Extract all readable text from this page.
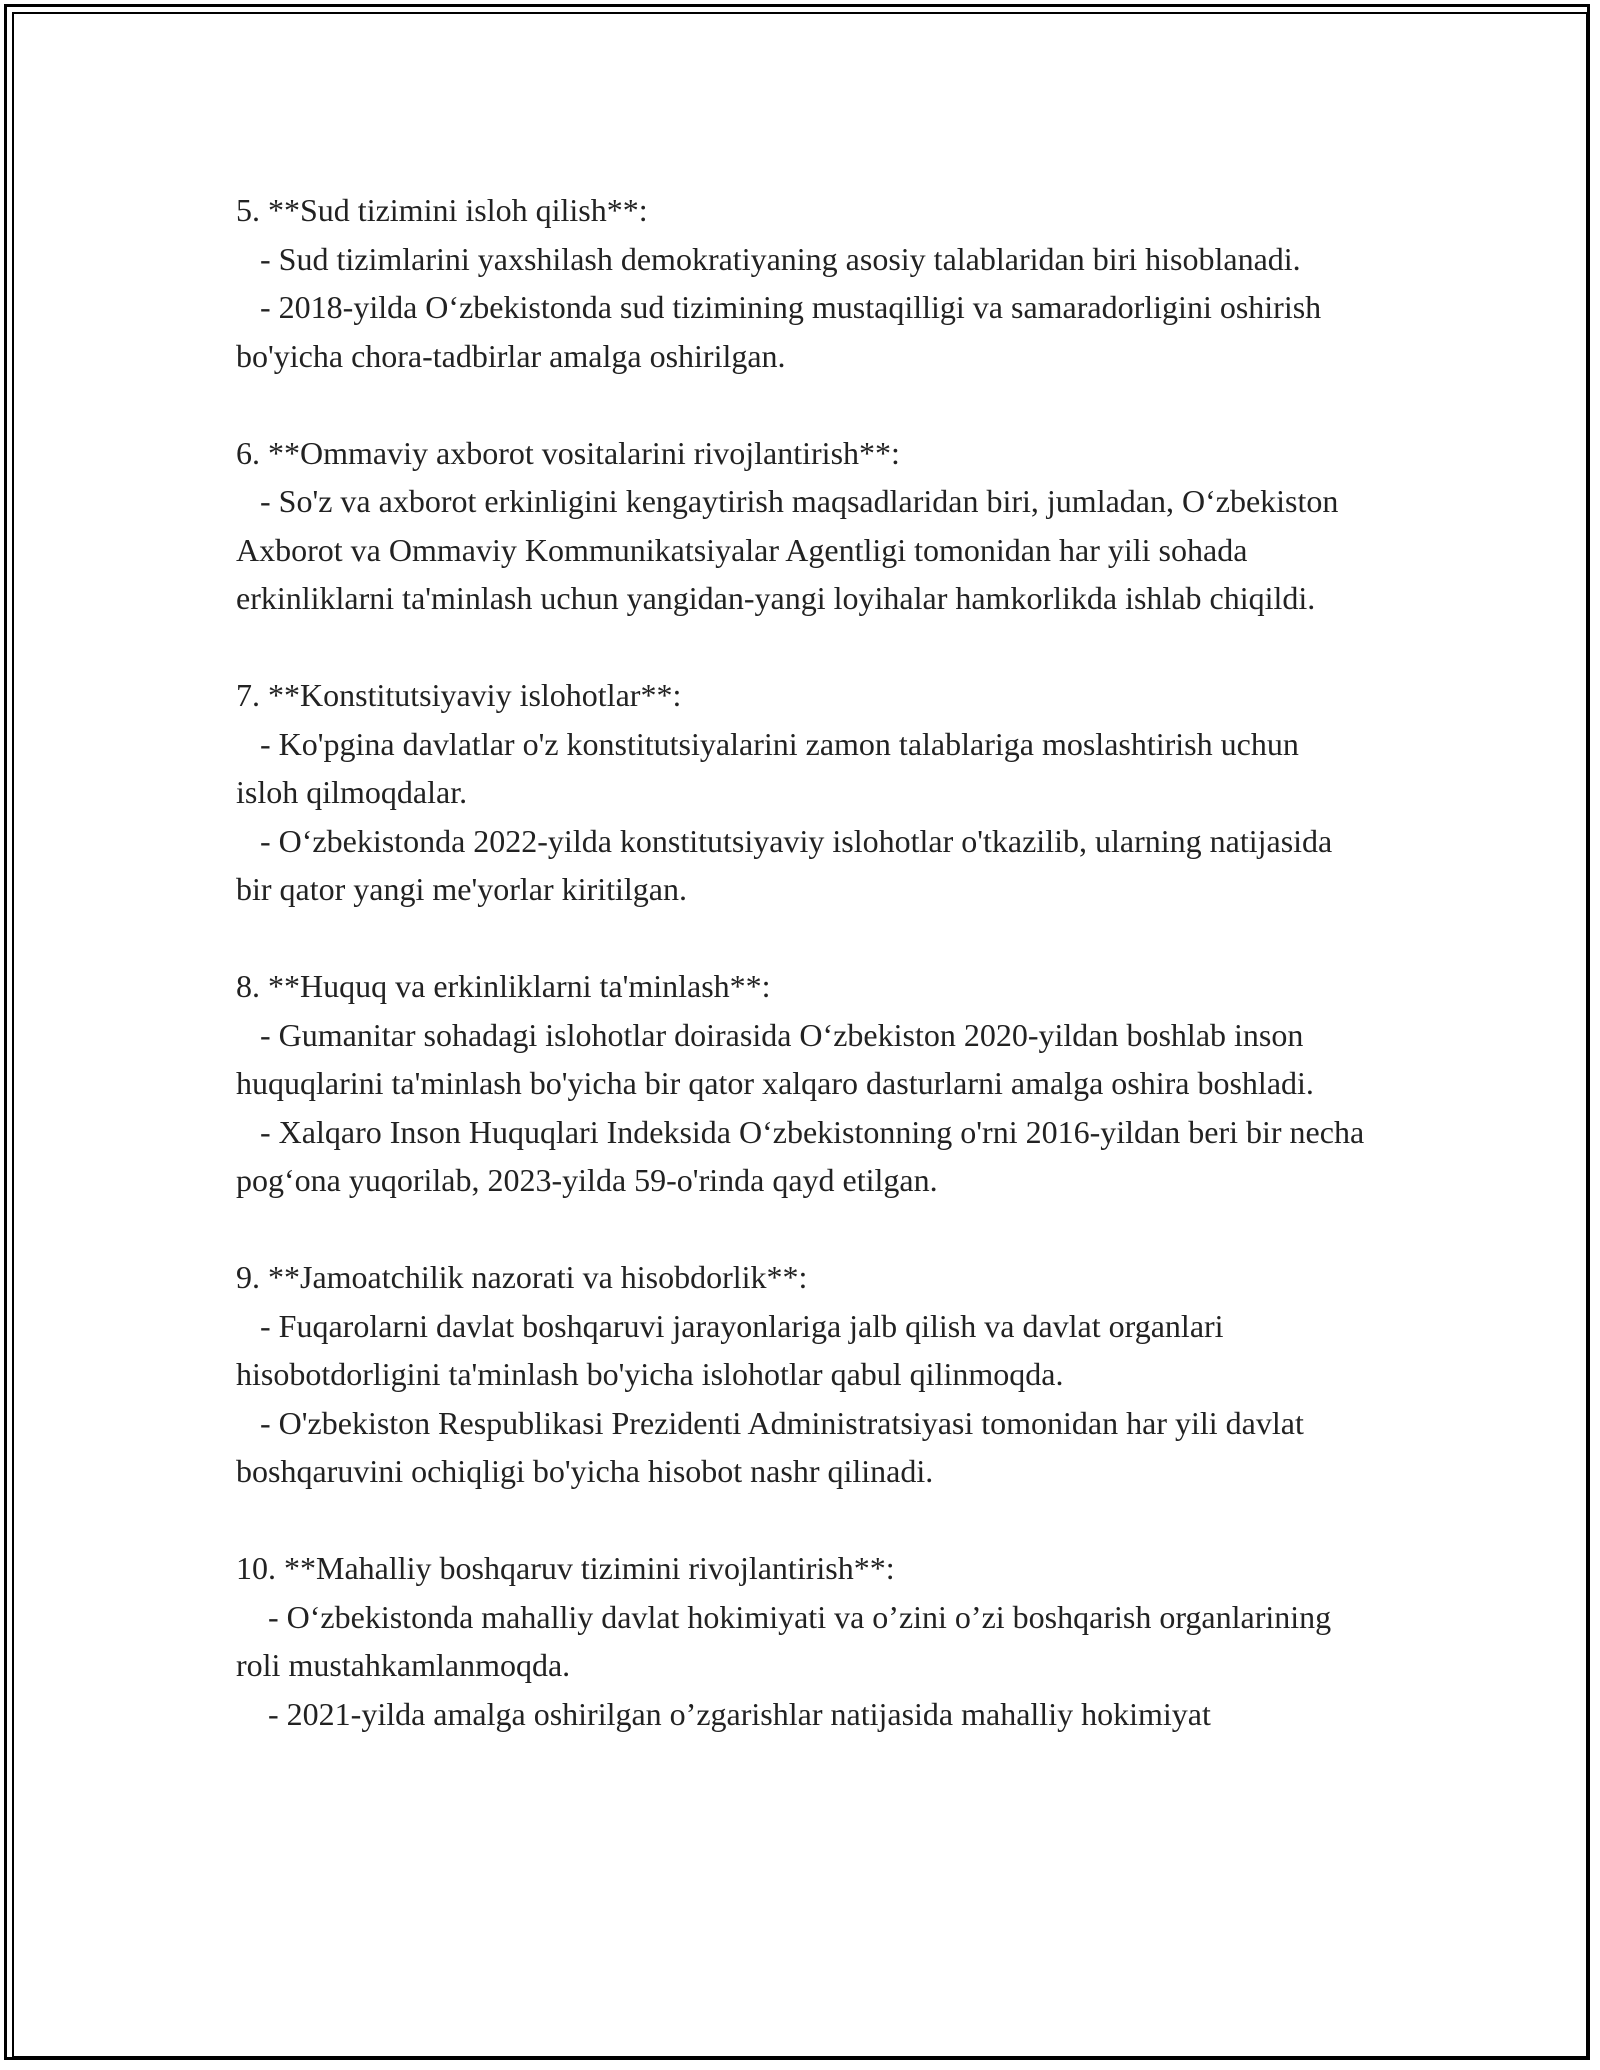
5. **Sud tizimini isloh qilish**:

- Sud tizimlarini yaxshilash demokratiyaning asosiy talablaridan biri hisoblanadi.

- 2018-yilda O‘zbekistonda sud tizimining mustaqilligi va samaradorligini oshirish bo'yicha chora-tadbirlar amalga oshirilgan.

6. **Ommaviy axborot vositalarini rivojlantirish**:

- So'z va axborot erkinligini kengaytirish maqsadlaridan biri, jumladan, O‘zbekiston Axborot va Ommaviy Kommunikatsiyalar Agentligi tomonidan har yili sohada erkinliklarni ta'minlash uchun yangidan-yangi loyihalar hamkorlikda ishlab chiqildi.

7. **Konstitutsiyaviy islohotlar**:

- Ko'pgina davlatlar o'z konstitutsiyalarini zamon talablariga moslashtirish uchun isloh qilmoqdalar.

- O‘zbekistonda 2022-yilda konstitutsiyaviy islohotlar o'tkazilib, ularning natijasida bir qator yangi me'yorlar kiritilgan.

8. **Huquq va erkinliklarni ta'minlash**:

- Gumanitar sohadagi islohotlar doirasida O‘zbekiston 2020-yildan boshlab inson huquqlarini ta'minlash bo'yicha bir qator xalqaro dasturlarni amalga oshira boshladi.

- Xalqaro Inson Huquqlari Indeksida O‘zbekistonning o'rni 2016-yildan beri bir necha pog‘ona yuqorilab, 2023-yilda 59-o'rinda qayd etilgan.

9. **Jamoatchilik nazorati va hisobdorlik**:

- Fuqarolarni davlat boshqaruvi jarayonlariga jalb qilish va davlat organlari hisobotdorligini ta'minlash bo'yicha islohotlar qabul qilinmoqda.

- O'zbekiston Respublikasi Prezidenti Administratsiyasi tomonidan har yili davlat boshqaruvini ochiqligi bo'yicha hisobot nashr qilinadi.

10. **Mahalliy boshqaruv tizimini rivojlantirish**:

- O‘zbekistonda mahalliy davlat hokimiyati va o’zini o’zi boshqarish organlarining roli mustahkamlanmoqda.

- 2021-yilda amalga oshirilgan o’zgarishlar natijasida mahalliy hokimiyat
